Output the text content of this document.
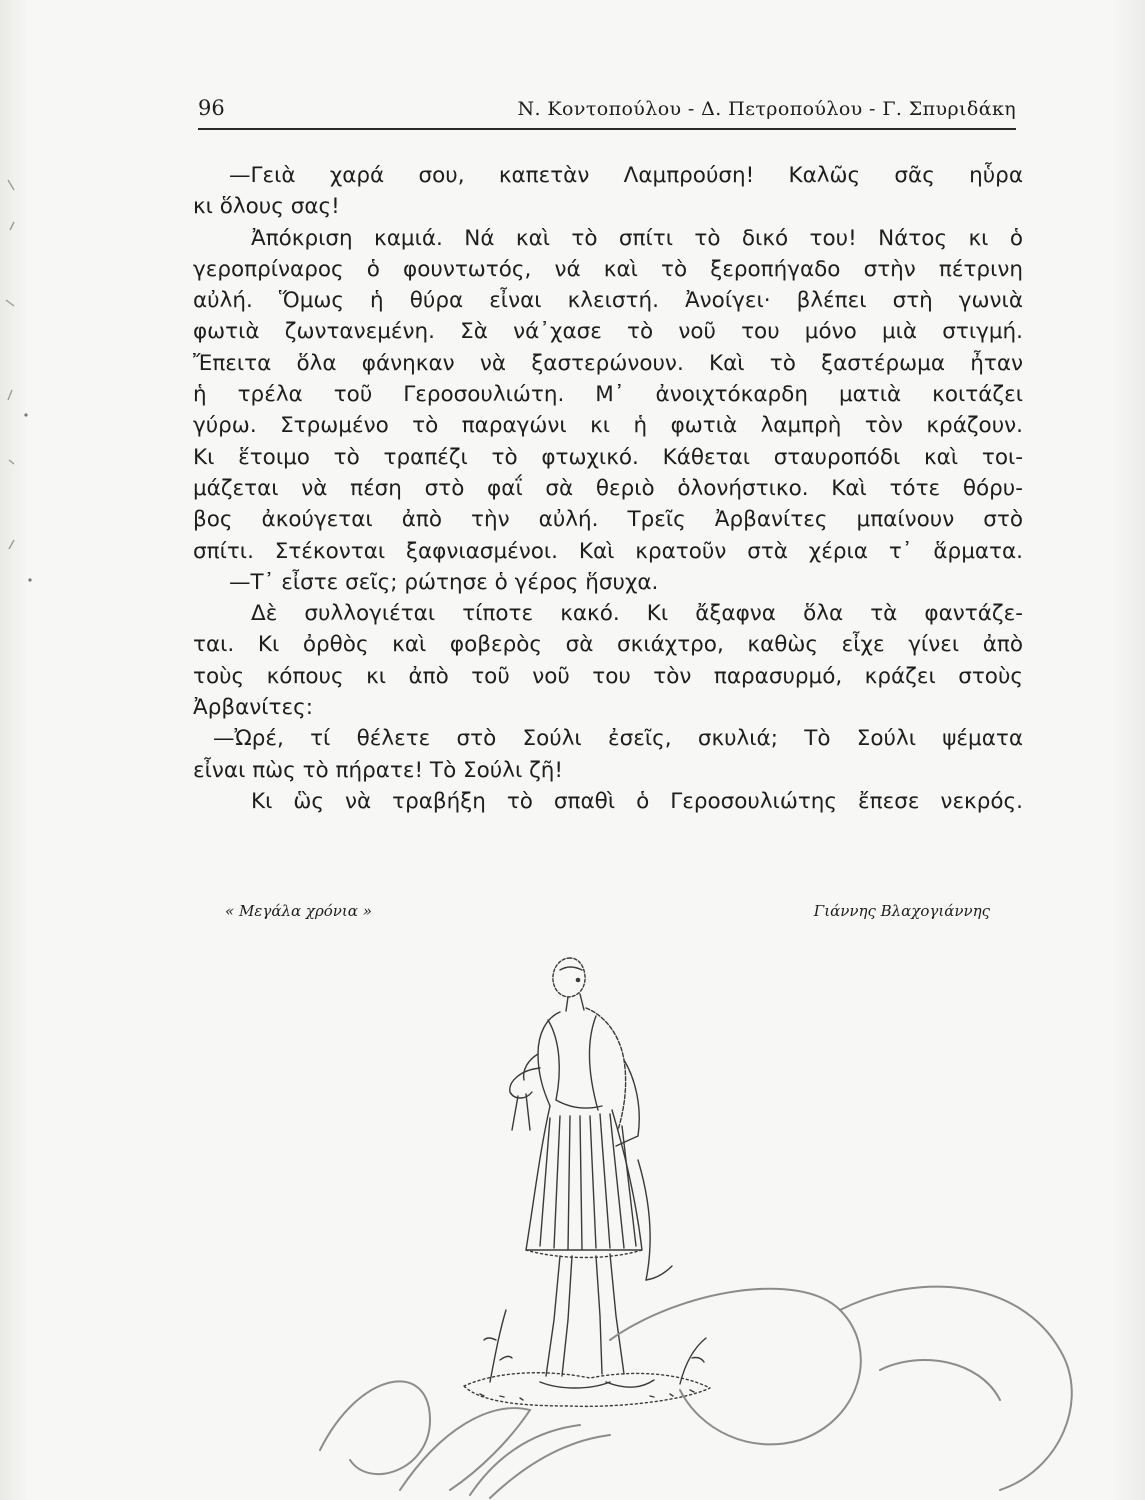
96	Ν. Κοντοπούλου - Δ. Πετροπούλου - Γ. Σπυριδάκη
—Γειὰ χαρά σου, καπετὰν Λαμπρούση! Καλῶς σᾶς ηὗρα
κι ὅλους σας!
Ἀπόκριση καμιά. Νά καὶ τὸ σπίτι τὸ δικό του! Νάτος κι ὁ
γεροπρίναρος ὁ φουντωτός, νά καὶ τὸ ξεροπήγαδο στὴν πέτρινη
αὐλή. Ὅμως ἡ θύρα εἶναι κλειστή. Ἀνοίγει· βλέπει στὴ γωνιὰ
φωτιὰ ζωντανεμένη. Σὰ νά᾽χασε τὸ νοῦ του μόνο μιὰ στιγμή.
Ἔπειτα ὅλα φάνηκαν νὰ ξαστερώνουν. Καὶ τὸ ξαστέρωμα ἦταν
ἡ τρέλα τοῦ Γεροσουλιώτη. Μ᾽ ἀνοιχτόκαρδη ματιὰ κοιτάζει
γύρω. Στρωμένο τὸ παραγώνι κι ἡ φωτιὰ λαμπρὴ τὸν κράζουν.
Κι ἕτοιμο τὸ τραπέζι τὸ φτωχικό. Κάθεται σταυροπόδι καὶ τοι-
μάζεται νὰ πέση στὸ φαΐ σὰ θεριὸ ὁλονήστικο. Καὶ τότε θόρυ-
βος ἀκούγεται ἀπὸ τὴν αὐλή. Τρεῖς Ἀρβανίτες μπαίνουν στὸ
σπίτι. Στέκονται ξαφνιασμένοι. Καὶ κρατοῦν στὰ χέρια τ᾽ ἅρματα.
—Τ᾽ εἶστε σεῖς; ρώτησε ὁ γέρος ἥσυχα.
Δὲ συλλογιέται τίποτε κακό. Κι ἄξαφνα ὅλα τὰ φαντάζε-
ται. Κι ὀρθὸς καὶ φοβερὸς σὰ σκιάχτρο, καθὼς εἶχε γίνει ἀπὸ
τοὺς κόπους κι ἀπὸ τοῦ νοῦ του τὸν παρασυρμό, κράζει στοὺς
Ἀρβανίτες:
—Ὠρέ, τί θέλετε στὸ Σούλι ἐσεῖς, σκυλιά; Τὸ Σούλι ψέματα
εἶναι πὼς τὸ πήρατε! Τὸ Σούλι ζῆ!
Κι ὣς νὰ τραβήξη τὸ σπαθὶ ὁ Γεροσουλιώτης ἔπεσε νεκρός.
« Μεγάλα χρόνια »	Γιάννης Βλαχογιάννης
